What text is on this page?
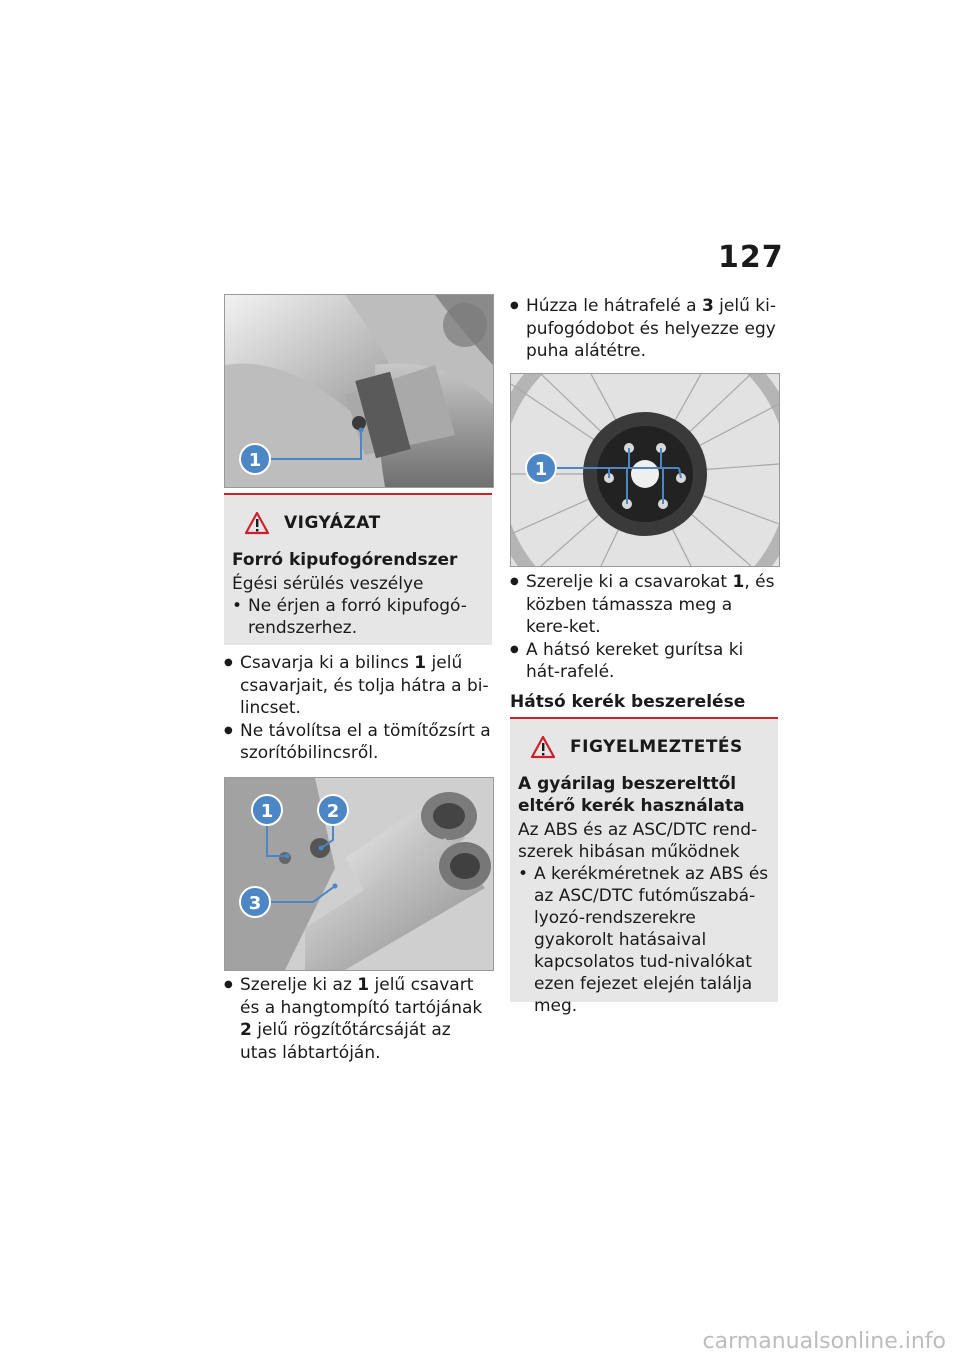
127
1
VIGYÁZAT
Forró kipufogórendszer
Égési sérülés veszélye
• Ne érjen a forró kipufogó-rendszerhez.
● Csavarja ki a bilincs 1 jelű csavarjait, és tolja hátra a bi-lincset.
● Ne távolítsa el a tömítőzsírt a szorítóbilincsről.
1	2
3
● Szerelje ki az 1 jelű csavart és a hangtompító tartójának 2 jelű rögzítőtárcsáját az utas lábtartóján.
● Húzza le hátrafelé a 3 jelű ki-pufogódobot és helyezze egy puha alátétre.
1
● Szerelje ki a csavarokat 1, és közben támassza meg a kere-ket.
● A hátsó kereket gurítsa ki hát-rafelé.
Hátsó kerék beszerelése
FIGYELMEZTETÉS
A gyárilag beszerelttől eltérő kerék használata
Az ABS és az ASC/DTC rend-szerek hibásan működnek
• A kerékméretnek az ABS és az ASC/DTC futóműszabá-lyozó-rendszerekre gyakorolt hatásaival kapcsolatos tud-nivalókat ezen fejezet elején találja meg.
carmanualsonline.info
